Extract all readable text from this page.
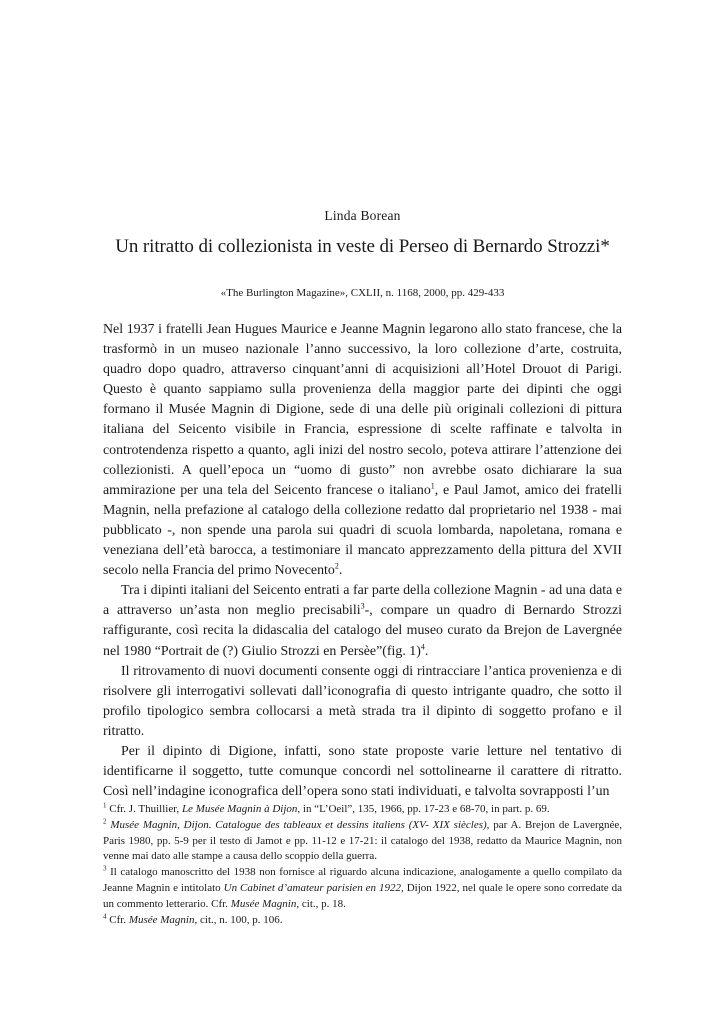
Linda Borean
Un ritratto di collezionista in veste di Perseo di Bernardo Strozzi*
«The Burlington Magazine», CXLII, n. 1168, 2000, pp. 429-433

Nel 1937 i fratelli Jean Hugues Maurice e Jeanne Magnin legarono allo stato francese, che la trasformò in un museo nazionale l’anno successivo, la loro collezione d’arte, costruita, quadro dopo quadro, attraverso cinquant’anni di acquisizioni all’Hotel Drouot di Parigi. Questo è quanto sappiamo sulla provenienza della maggior parte dei dipinti che oggi formano il Musée Magnin di Digione, sede di una delle più originali collezioni di pittura italiana del Seicento visibile in Francia, espressione di scelte raffinate e talvolta in controtendenza rispetto a quanto, agli inizi del nostro secolo, poteva attirare l’attenzione dei collezionisti. A quell’epoca un “uomo di gusto” non avrebbe osato dichiarare la sua ammirazione per una tela del Seicento francese o italiano$^1$, e Paul Jamot, amico dei fratelli Magnin, nella prefazione al catalogo della collezione redatto dal proprietario nel 1938 - mai pubblicato -, non spende una parola sui quadri di scuola lombarda, napoletana, romana e veneziana dell’età barocca, a testimoniare il mancato apprezzamento della pittura del XVII secolo nella Francia del primo Novecento$^2$.

Tra i dipinti italiani del Seicento entrati a far parte della collezione Magnin - ad una data e a attraverso un’asta non meglio precisabili$^3$-, compare un quadro di Bernardo Strozzi raffigurante, così recita la didascalia del catalogo del museo curato da Brejon de Lavergnée nel 1980 “Portrait de (?) Giulio Strozzi en Persèe”(fig. 1)$^4$.

Il ritrovamento di nuovi documenti consente oggi di rintracciare l’antica provenienza e di risolvere gli interrogativi sollevati dall’iconografia di questo intrigante quadro, che sotto il profilo tipologico sembra collocarsi a metà strada tra il dipinto di soggetto profano e il ritratto.

Per il dipinto di Digione, infatti, sono state proposte varie letture nel tentativo di identificarne il soggetto, tutte comunque concordi nel sottolinearne il carattere di ritratto. Così nell’indagine iconografica dell’opera sono stati individuati, e talvolta sovrapposti l’un

$^1$ Cfr. J. Thuillier, Le Musée Magnin à Dijon, in “L’Oeil”, 135, 1966, pp. 17-23 e 68-70, in part. p. 69.

$^2$ Musée Magnin, Dijon. Catalogue des tableaux et dessins italiens (XV- XIX siècles), par A. Brejon de Lavergnée, Paris 1980, pp. 5-9 per il testo di Jamot e pp. 11-12 e 17-21: il catalogo del 1938, redatto da Maurice Magnin, non venne mai dato alle stampe a causa dello scoppio della guerra.

$^3$ Il catalogo manoscritto del 1938 non fornisce al riguardo alcuna indicazione, analogamente a quello compilato da Jeanne Magnin e intitolato Un Cabinet d’amateur parisien en 1922, Dijon 1922, nel quale le opere sono corredate da un commento letterario. Cfr. Musée Magnin, cit., p. 18.

$^4$ Cfr. Musée Magnin, cit., n. 100, p. 106.
